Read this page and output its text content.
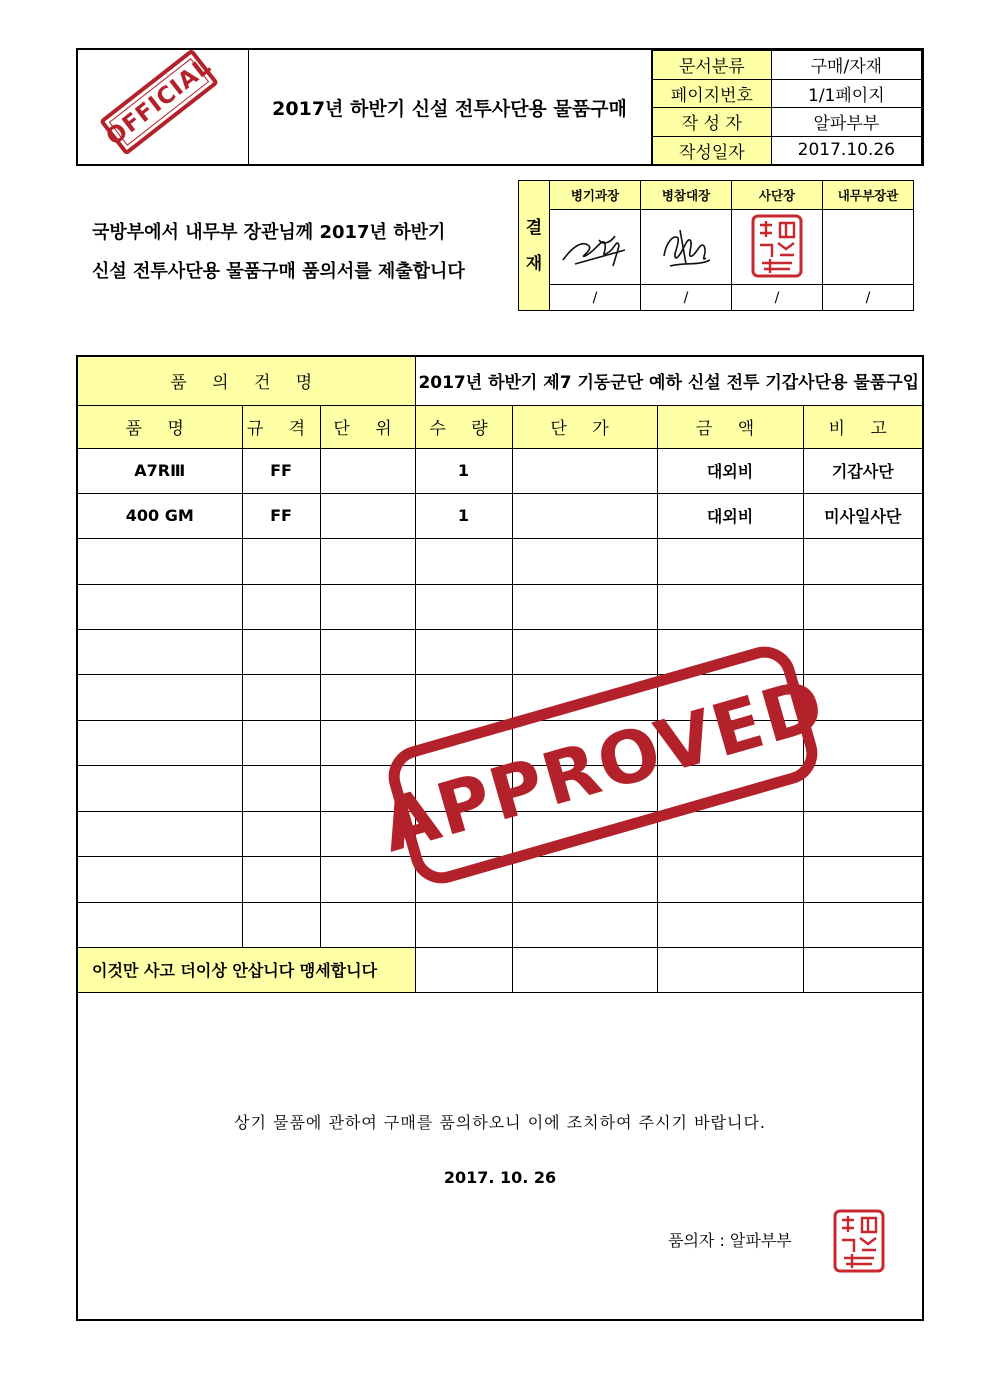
OFFICIAL	2017년 하반기 신설 전투사단용 물품구매
문서분류	구매/자재
페이지번호	1/1페이지
작 성 자	알파부부
작성일자	2017.10.26
국방부에서 내무부 장관님께 2017년 하반기
신설 전투사단용 물품구매 품의서를 제출합니다
결
재	병기과장	병참대장	사단장	내무부장관

	/	/	/	/
품 의 건 명			2017년 하반기 제7 기동군단 예하 신설 전투 기갑사단용 물품구입			
품 명	규 격	단 위	수 량	단 가	금 액	비 고
A7RⅢ	FF		1		대외비	기갑사단
400 GM	FF		1		대외비	미사일사단

이것만 사고 더이상 안삽니다 맹세합니다						
APPROVED
상기 물품에 관하여 구매를 품의하오니 이에 조치하여 주시기 바랍니다.
2017. 10. 26
품의자 : 알파부부
